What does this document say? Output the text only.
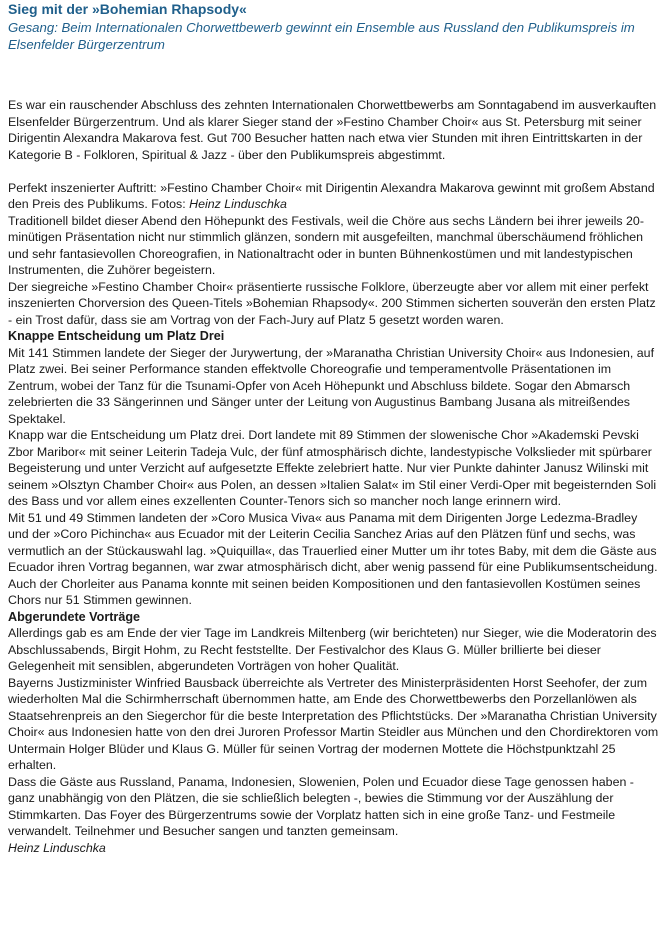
Sieg mit der »Bohemian Rhapsody«

Gesang: Beim Internationalen Chorwettbewerb gewinnt ein Ensemble aus Russland den Publikumspreis im Elsenfelder Bürgerzentrum

Es war ein rauschender Abschluss des zehnten Internationalen Chorwettbewerbs am Sonntagabend im ausverkauften Elsenfelder Bürgerzentrum. Und als klarer Sieger stand der »Festino Chamber Choir« aus St. Petersburg mit seiner Dirigentin Alexandra Makarova fest. Gut 700 Besucher hatten nach etwa vier Stunden mit ihren Eintrittskarten in der Kategorie B - Folkloren, Spiritual & Jazz - über den Publikumspreis abgestimmt.

Perfekt inszenierter Auftritt: »Festino Chamber Choir« mit Dirigentin Alexandra Makarova gewinnt mit großem Abstand den Preis des Publikums. Fotos: Heinz Linduschka

Traditionell bildet dieser Abend den Höhepunkt des Festivals, weil die Chöre aus sechs Ländern bei ihrer jeweils 20-minütigen Präsentation nicht nur stimmlich glänzen, sondern mit ausgefeilten, manchmal überschäumend fröhlichen und sehr fantasievollen Choreografien, in Nationaltracht oder in bunten Bühnenkostümen und mit landestypischen Instrumenten, die Zuhörer begeistern.

Der siegreiche »Festino Chamber Choir« präsentierte russische Folklore, überzeugte aber vor allem mit einer perfekt inszenierten Chorversion des Queen-Titels »Bohemian Rhapsody«. 200 Stimmen sicherten souverän den ersten Platz - ein Trost dafür, dass sie am Vortrag von der Fach-Jury auf Platz 5 gesetzt worden waren.

Knappe Entscheidung um Platz Drei

Mit 141 Stimmen landete der Sieger der Jurywertung, der »Maranatha Christian University Choir« aus Indonesien, auf Platz zwei. Bei seiner Performance standen effektvolle Choreografie und temperamentvolle Präsentationen im Zentrum, wobei der Tanz für die Tsunami-Opfer von Aceh Höhepunkt und Abschluss bildete. Sogar den Abmarsch zelebrierten die 33 Sängerinnen und Sänger unter der Leitung von Augustinus Bambang Jusana als mitreißendes Spektakel.

Knapp war die Entscheidung um Platz drei. Dort landete mit 89 Stimmen der slowenische Chor »Akademski Pevski Zbor Maribor« mit seiner Leiterin Tadeja Vulc, der fünf atmosphärisch dichte, landestypische Volkslieder mit spürbarer Begeisterung und unter Verzicht auf aufgesetzte Effekte zelebriert hatte. Nur vier Punkte dahinter Janusz Wilinski mit seinem »Olsztyn Chamber Choir« aus Polen, an dessen »Italien Salat« im Stil einer Verdi-Oper mit begeisternden Soli des Bass und vor allem eines exzellenten Counter-Tenors sich so mancher noch lange erinnern wird.

Mit 51 und 49 Stimmen landeten der »Coro Musica Viva« aus Panama mit dem Dirigenten Jorge Ledezma-Bradley und der »Coro Pichincha« aus Ecuador mit der Leiterin Cecilia Sanchez Arias auf den Plätzen fünf und sechs, was vermutlich an der Stückauswahl lag. »Quiquilla«, das Trauerlied einer Mutter um ihr totes Baby, mit dem die Gäste aus Ecuador ihren Vortrag begannen, war zwar atmosphärisch dicht, aber wenig passend für eine Publikumsentscheidung. Auch der Chorleiter aus Panama konnte mit seinen beiden Kompositionen und den fantasievollen Kostümen seines Chors nur 51 Stimmen gewinnen.

Abgerundete Vorträge

Allerdings gab es am Ende der vier Tage im Landkreis Miltenberg (wir berichteten) nur Sieger, wie die Moderatorin des Abschlussabends, Birgit Hohm, zu Recht feststellte. Der Festivalchor des Klaus G. Müller brillierte bei dieser Gelegenheit mit sensiblen, abgerundeten Vorträgen von hoher Qualität.

Bayerns Justizminister Winfried Bausback überreichte als Vertreter des Ministerpräsidenten Horst Seehofer, der zum wiederholten Mal die Schirmherrschaft übernommen hatte, am Ende des Chorwettbewerbs den Porzellanlöwen als Staatsehrenpreis an den Siegerchor für die beste Interpretation des Pflichtstücks. Der »Maranatha Christian University Choir« aus Indonesien hatte von den drei Juroren Professor Martin Steidler aus München und den Chordirektoren vom Untermain Holger Blüder und Klaus G. Müller für seinen Vortrag der modernen Mottete die Höchstpunktzahl 25 erhalten.

Dass die Gäste aus Russland, Panama, Indonesien, Slowenien, Polen und Ecuador diese Tage genossen haben - ganz unabhängig von den Plätzen, die sie schließlich belegten -, bewies die Stimmung vor der Auszählung der Stimmkarten. Das Foyer des Bürgerzentrums sowie der Vorplatz hatten sich in eine große Tanz- und Festmeile verwandelt. Teilnehmer und Besucher sangen und tanzten gemeinsam.

Heinz Linduschka
